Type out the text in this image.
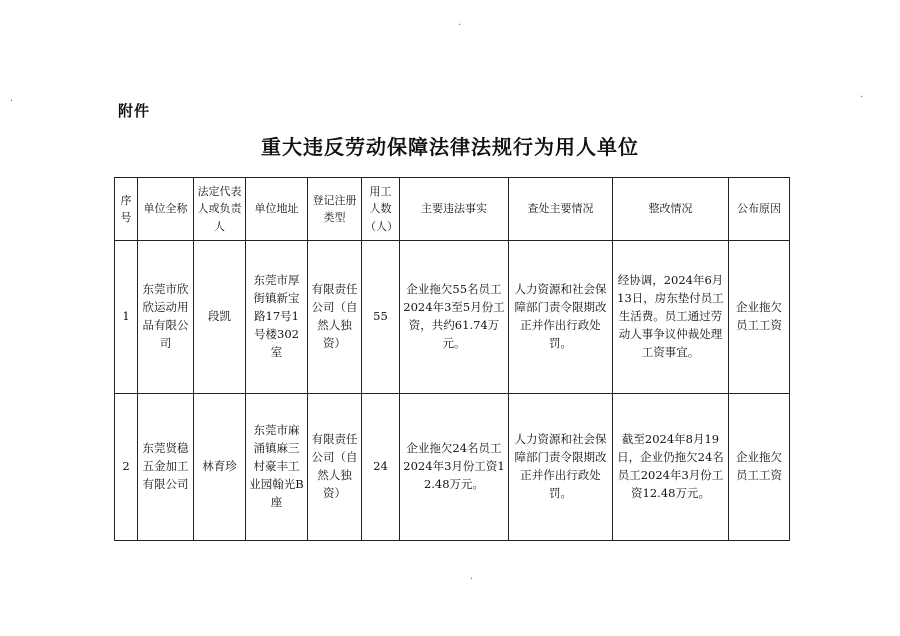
·
·	·
·
附件
重大违反劳动保障法律法规行为用人单位
序号	单位全称	法定代表人或负责人	单位地址	登记注册类型	用工人数（人）	主要违法事实	查处主要情况	整改情况	公布原因
1	东莞市欣欣运动用品有限公司	段凯	东莞市厚街镇新宝路17号1号楼302室	有限责任公司（自然人独资）	55	企业拖欠55名员工2024年3至5月份工资，共约61.74万元。	人力资源和社会保障部门责令限期改正并作出行政处罚。	经协调，2024年6月13日，房东垫付员工生活费。员工通过劳动人事争议仲裁处理工资事宜。	企业拖欠员工工资
2	东莞贤稳五金加工有限公司	林育珍	东莞市麻涌镇麻三村豪丰工业园翰光B座	有限责任公司（自然人独资）	24	企业拖欠24名员工2024年3月份工资12.48万元。	人力资源和社会保障部门责令限期改正并作出行政处罚。	截至2024年8月19日，企业仍拖欠24名员工2024年3月份工资12.48万元。	企业拖欠员工工资
